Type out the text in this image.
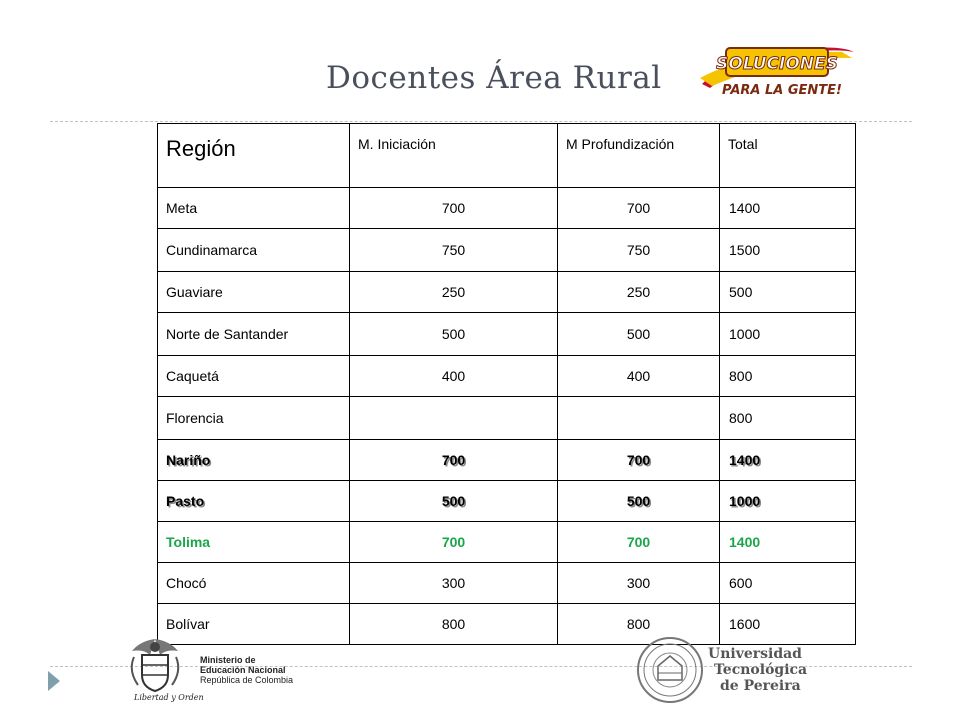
Docentes Área Rural	SOLUCIONES
PARA LA GENTE!
Región	M. Iniciación	M Profundización	Total
Meta	700	700	1400
Cundinamarca	750	750	1500
Guaviare	250	250	500
Norte de Santander	500	500	1000
Caquetá	400	400	800
Florencia			800
Nariño	700	700	1400
Pasto	500	500	1000
Tolima	700	700	1400
Chocó	300	300	600
Bolívar	800	800	1600
Libertad y Orden
Ministerio de
Educación Nacional
República de Colombia
Universidad
Tecnológica
de Pereira
